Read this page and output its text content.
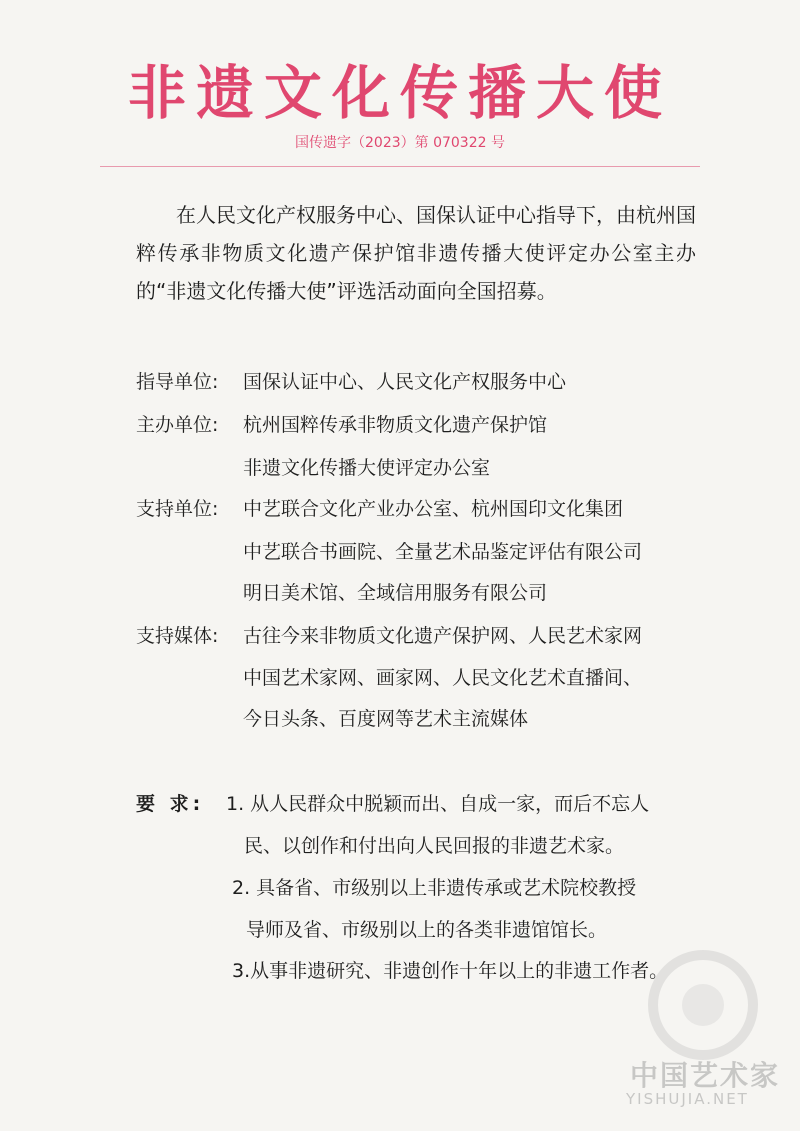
非遗文化传播大使
国传遗字（2023）第 070322 号

在人民文化产权服务中心、国保认证中心指导下，由杭州国粹传承非物质文化遗产保护馆非遗传播大使评定办公室主办的“非遗文化传播大使”评选活动面向全国招募。

指导单位: 国保认证中心、人民文化产权服务中心
主办单位: 杭州国粹传承非物质文化遗产保护馆
非遗文化传播大使评定办公室
支持单位: 中艺联合文化产业办公室、杭州国印文化集团
中艺联合书画院、全量艺术品鉴定评估有限公司
明日美术馆、全域信用服务有限公司
支持媒体: 古往今来非物质文化遗产保护网、人民艺术家网
中国艺术家网、画家网、人民文化艺术直播间、
今日头条、百度网等艺术主流媒体
要 求: 1. 从人民群众中脱颖而出、自成一家，而后不忘人
民、以创作和付出向人民回报的非遗艺术家。
2. 具备省、市级别以上非遗传承或艺术院校教授
导师及省、市级别以上的各类非遗馆馆长。
3.从事非遗研究、非遗创作十年以上的非遗工作者。
中国艺术家
YISHUJIA.NET
